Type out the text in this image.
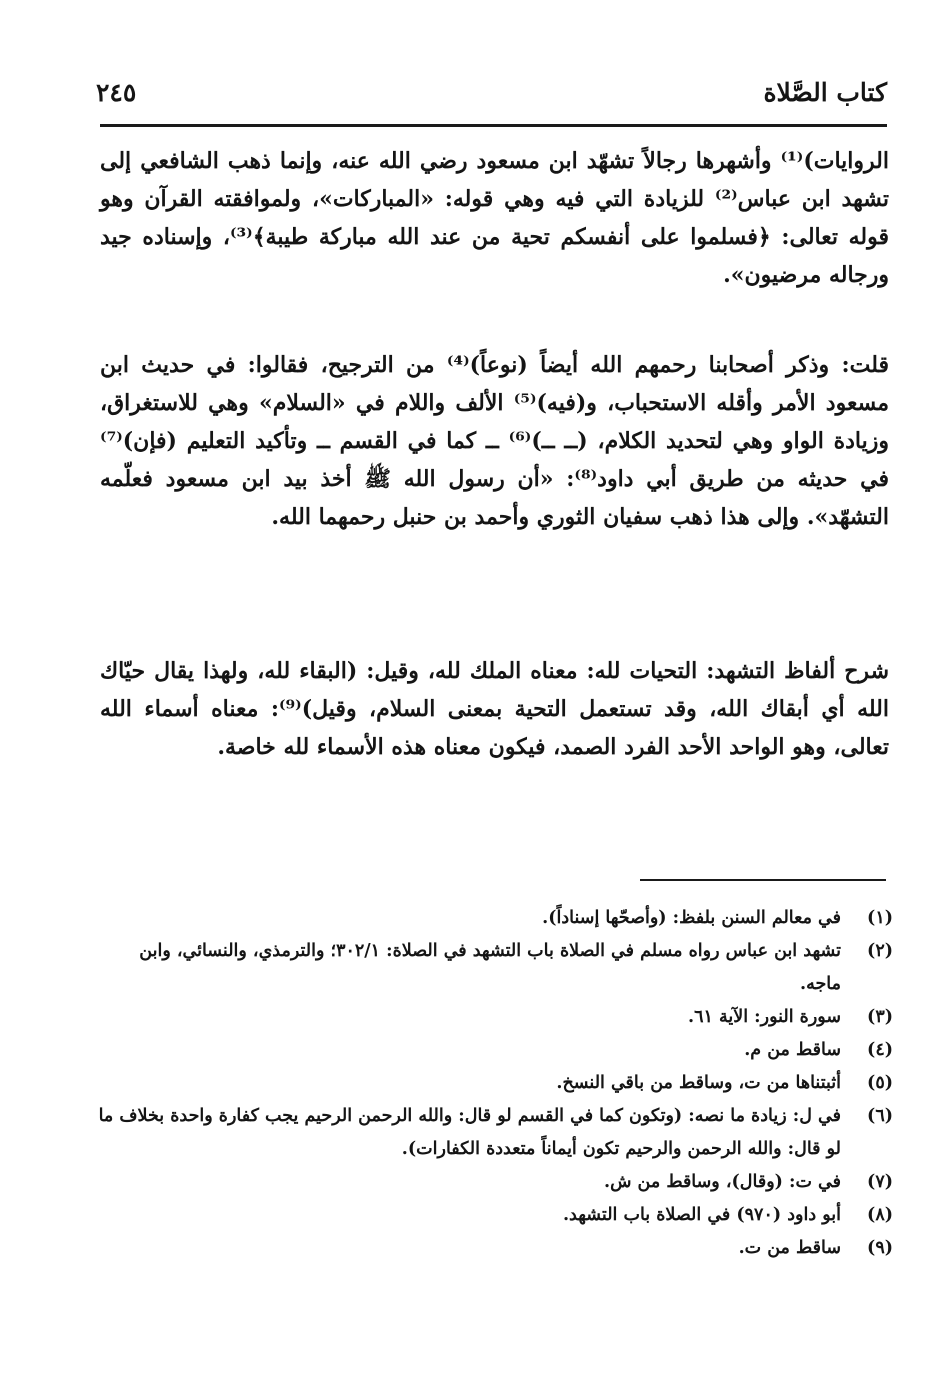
كتاب الصَّلاة
٢٤٥

الروايات)⁽¹⁾ وأشهرها رجالاً تشهّد ابن مسعود رضي الله عنه، وإنما ذهب الشافعي إلى تشهد ابن عباس⁽²⁾ للزيادة التي فيه وهي قوله: «المباركات»، ولموافقته القرآن وهو قوله تعالى: ﴿فسلموا على أنفسكم تحية من عند الله مباركة طيبة﴾⁽³⁾، وإسناده جيد ورجاله مرضيون».

قلت: وذكر أصحابنا رحمهم الله أيضاً (نوعاً)⁽⁴⁾ من الترجيح، فقالوا: في حديث ابن مسعود الأمر وأقله الاستحباب، و(فيه)⁽⁵⁾ الألف واللام في «السلام» وهي للاستغراق، وزيادة الواو وهي لتحديد الكلام، (ــ ــ)⁽⁶⁾ ــ كما في القسم ــ وتأكيد التعليم (فإن)⁽⁷⁾ في حديثه من طريق أبي داود⁽⁸⁾: «أن رسول الله ﷺ أخذ بيد ابن مسعود فعلّمه التشهّد». وإلى هذا ذهب سفيان الثوري وأحمد بن حنبل رحمهما الله.

شرح ألفاظ التشهد: التحيات لله: معناه الملك لله، وقيل: (البقاء لله، ولهذا يقال حيّاك الله أي أبقاك الله، وقد تستعمل التحية بمعنى السلام، وقيل)⁽⁹⁾: معناه أسماء الله تعالى، وهو الواحد الأحد الفرد الصمد، فيكون معناه هذه الأسماء لله خاصة.

(١)
في معالم السنن بلفظ: (وأصحّها إسناداً).
(٢)
تشهد ابن عباس رواه مسلم في الصلاة باب التشهد في الصلاة: ٣٠٢/١؛ والترمذي، والنسائي، وابن ماجه.
(٣)
سورة النور: الآية ٦١.
(٤)
ساقط من م.
(٥)
أثبتناها من ت، وساقط من باقي النسخ.
(٦)
في ل: زيادة ما نصه: (وتكون كما في القسم لو قال: والله الرحمن الرحيم يجب كفارة واحدة بخلاف ما لو قال: والله الرحمن والرحيم تكون أيماناً متعددة الكفارات).
(٧)
في ت: (وقال)، وساقط من ش.
(٨)
أبو داود (٩٧٠) في الصلاة باب التشهد.
(٩)
ساقط من ت.
